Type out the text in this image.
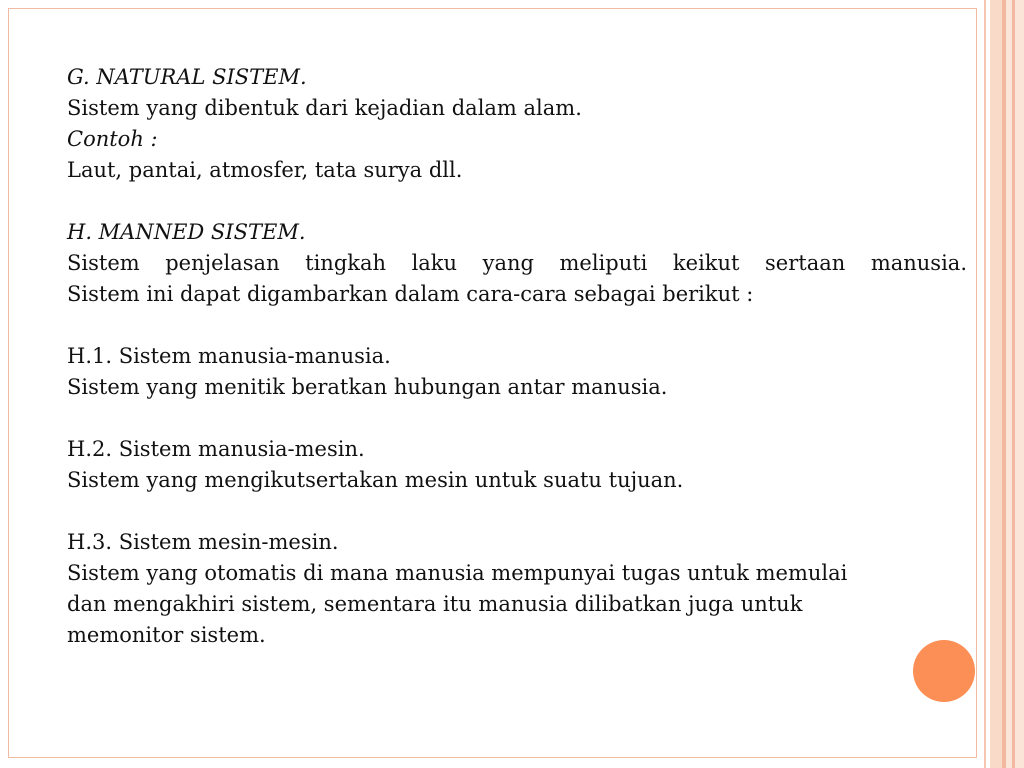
G. NATURAL SISTEM.

Sistem yang dibentuk dari kejadian dalam alam.

Contoh :

Laut, pantai, atmosfer, tata surya dll.

H. MANNED SISTEM.

Sistem penjelasan tingkah laku yang meliputi keikut sertaan manusia.

Sistem ini dapat digambarkan dalam cara-cara sebagai berikut :

H.1. Sistem manusia-manusia.

Sistem yang menitik beratkan hubungan antar manusia.

H.2. Sistem manusia-mesin.

Sistem yang mengikutsertakan mesin untuk suatu tujuan.

H.3. Sistem mesin-mesin.

Sistem yang otomatis di mana manusia mempunyai tugas untuk memulai

dan mengakhiri sistem, sementara itu manusia dilibatkan juga untuk

memonitor sistem.
